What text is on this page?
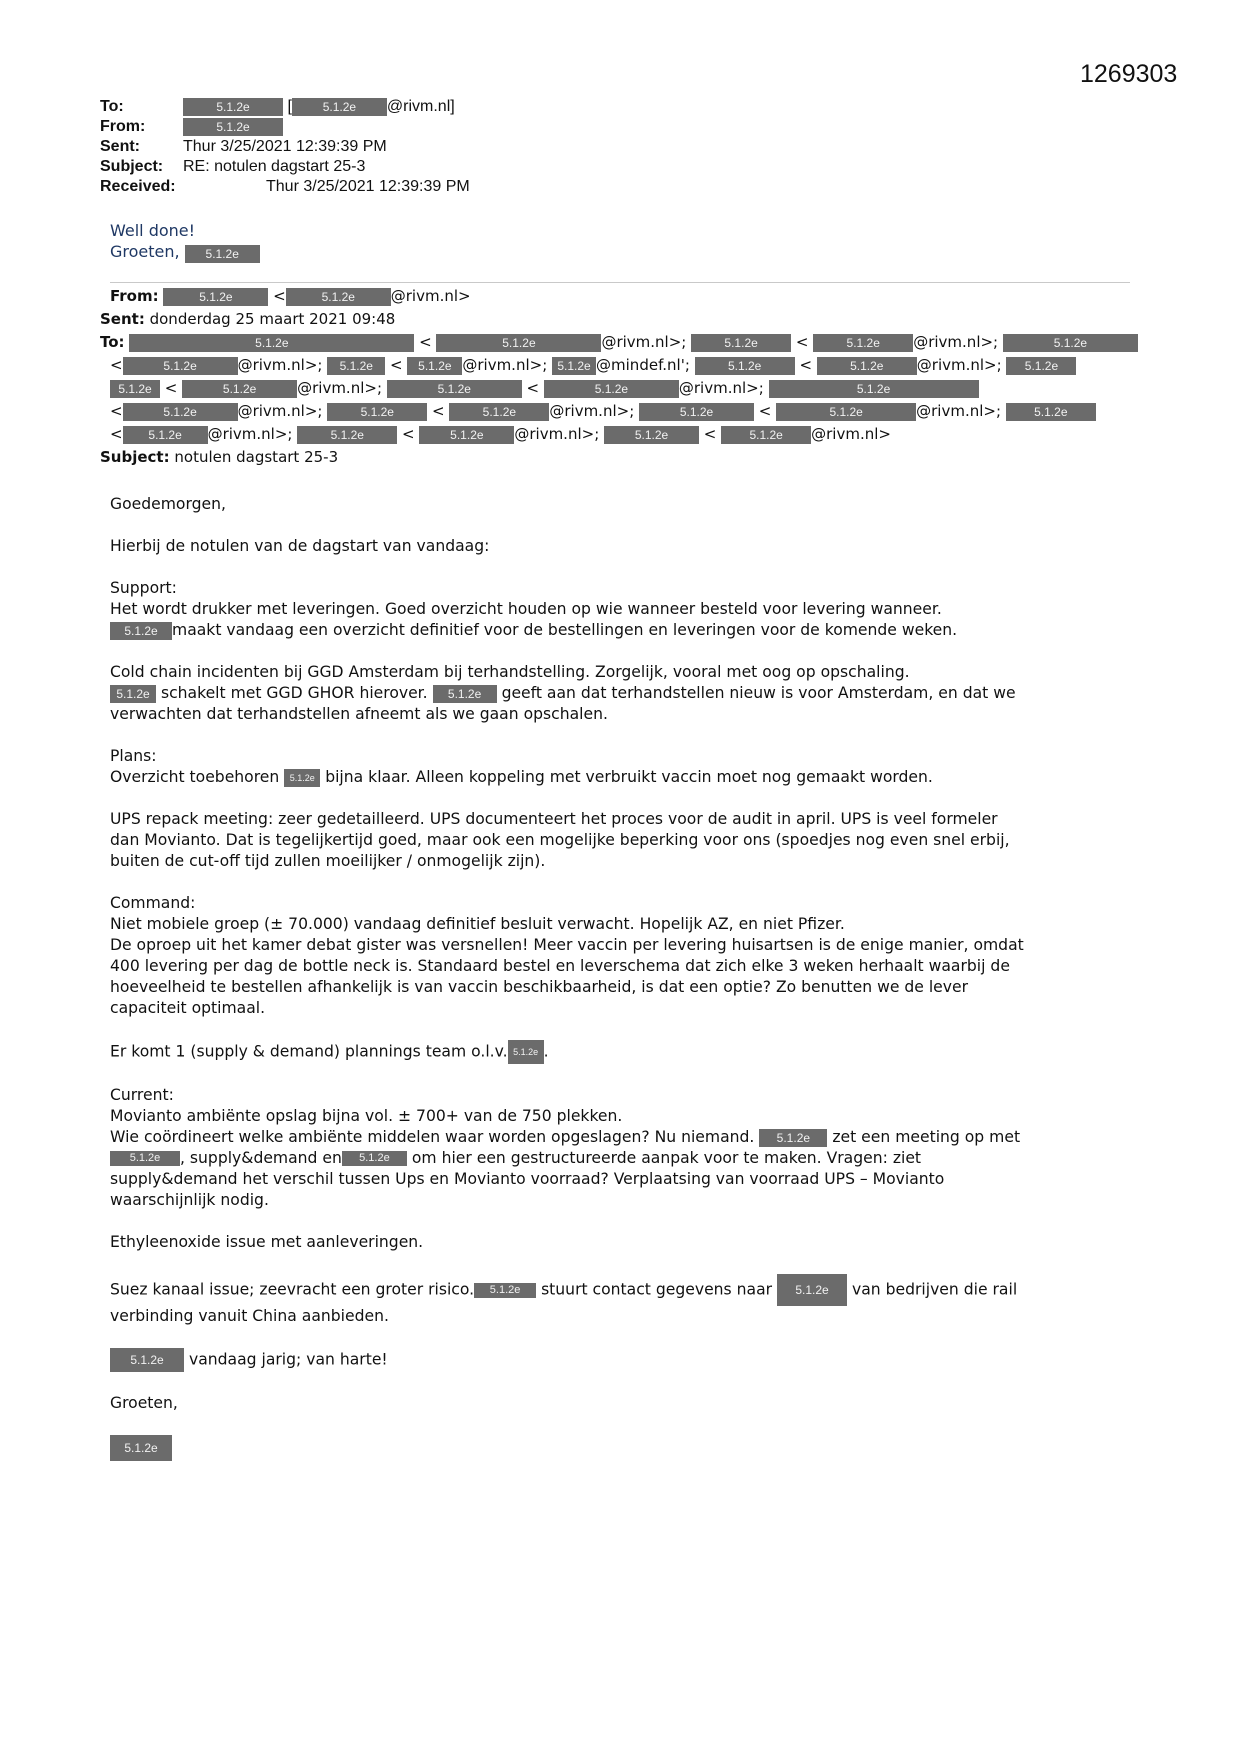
1269303
To:	5.1.2e [	5.1.2e @rivm.nl]
From:	5.1.2e
Sent:	Thur 3/25/2021 12:39:39 PM
Subject: RE: notulen dagstart 25-3
Received:	Thur 3/25/2021 12:39:39 PM
Well done!
Groeten, 5.1.2e
From:	5.1.2e <	5.1.2e @rivm.nl>
Sent: donderdag 25 maart 2021 09:48
To:	5.1.2e	<	5.1.2e	@rivm.nl>;	5.1.2e <	5.1.2e @rivm.nl>;	5.1.2e
<	5.1.2e	@rivm.nl>; 5.1.2e < 5.1.2e @rivm.nl>; 5.1.2e @mindef.nl';	5.1.2e <	5.1.2e @rivm.nl>; 5.1.2e
5.1.2e <	5.1.2e	@rivm.nl>;	5.1.2e	<	5.1.2e	@rivm.nl>;	5.1.2e
<	5.1.2e	@rivm.nl>;	5.1.2e <	5.1.2e @rivm.nl>;	5.1.2e	<	5.1.2e	@rivm.nl>;	5.1.2e
< 5.1.2e @rivm.nl>;	5.1.2e <	5.1.2e @rivm.nl>;	5.1.2e < 5.1.2e @rivm.nl>
Subject: notulen dagstart 25-3

Goedemorgen,

Hierbij de notulen van de dagstart van vandaag:

Support:
Het wordt drukker met leveringen. Goed overzicht houden op wie wanneer besteld voor levering wanneer.
5.1.2e maakt vandaag een overzicht definitief voor de bestellingen en leveringen voor de komende weken.

Cold chain incidenten bij GGD Amsterdam bij terhandstelling. Zorgelijk, vooral met oog op opschaling.
5.1.2e schakelt met GGD GHOR hierover. 5.1.2e geeft aan dat terhandstellen nieuw is voor Amsterdam, en dat we
verwachten dat terhandstellen afneemt als we gaan opschalen.

Plans:
Overzicht toebehoren 5.1.2e bijna klaar. Alleen koppeling met verbruikt vaccin moet nog gemaakt worden.

UPS repack meeting: zeer gedetailleerd. UPS documenteert het proces voor de audit in april. UPS is veel formeler
dan Movianto. Dat is tegelijkertijd goed, maar ook een mogelijke beperking voor ons (spoedjes nog even snel erbij,
buiten de cut-off tijd zullen moeilijker / onmogelijk zijn).

Command:
Niet mobiele groep (± 70.000) vandaag definitief besluit verwacht. Hopelijk AZ, en niet Pfizer.
De oproep uit het kamer debat gister was versnellen! Meer vaccin per levering huisartsen is de enige manier, omdat
400 levering per dag de bottle neck is. Standaard bestel en leverschema dat zich elke 3 weken herhaalt waarbij de
hoeveelheid te bestellen afhankelijk is van vaccin beschikbaarheid, is dat een optie? Zo benutten we de lever
capaciteit optimaal.

Er komt 1 (supply & demand) plannings team o.l.v. 5.1.2e .

Current:
Movianto ambiënte opslag bijna vol. ± 700+ van de 750 plekken.
Wie coördineert welke ambiënte middelen waar worden opgeslagen? Nu niemand. 5.1.2e zet een meeting op met
5.1.2e , supply&demand en 5.1.2e om hier een gestructureerde aanpak voor te maken. Vragen: ziet
supply&demand het verschil tussen Ups en Movianto voorraad? Verplaatsing van voorraad UPS – Movianto
waarschijnlijk nodig.

Ethyleenoxide issue met aanleveringen.

Suez kanaal issue; zeevracht een groter risico. 5.1.2e stuurt contact gegevens naar 5.1.2e van bedrijven die rail
verbinding vanuit China aanbieden.

5.1.2e vandaag jarig; van harte!

Groeten,

5.1.2e
